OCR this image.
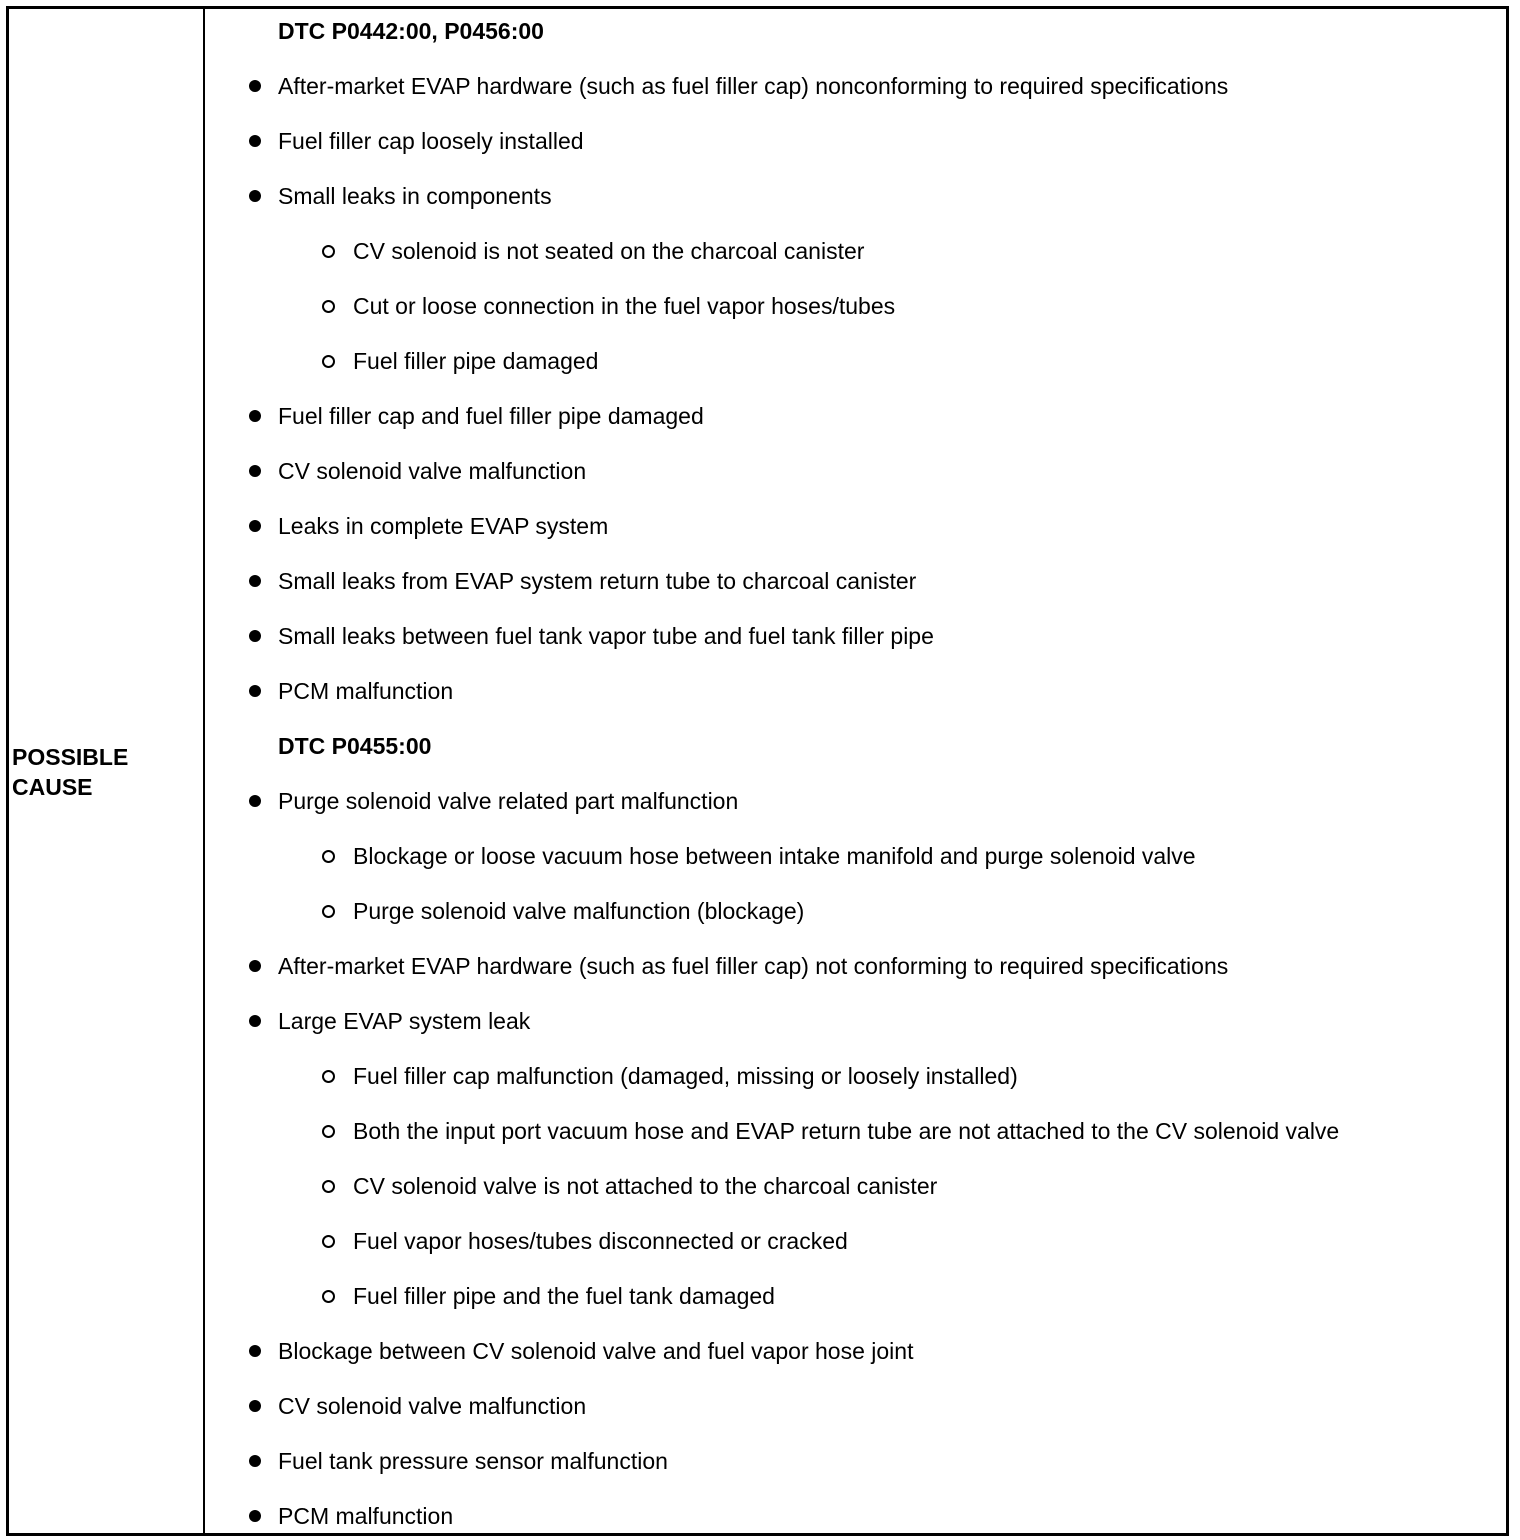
POSSIBLE
CAUSE
DTC P0442:00, P0456:00
After-market EVAP hardware (such as fuel filler cap) nonconforming to required specifications
Fuel filler cap loosely installed
Small leaks in components
CV solenoid is not seated on the charcoal canister
Cut or loose connection in the fuel vapor hoses/tubes
Fuel filler pipe damaged
Fuel filler cap and fuel filler pipe damaged
CV solenoid valve malfunction
Leaks in complete EVAP system
Small leaks from EVAP system return tube to charcoal canister
Small leaks between fuel tank vapor tube and fuel tank filler pipe
PCM malfunction
DTC P0455:00
Purge solenoid valve related part malfunction
Blockage or loose vacuum hose between intake manifold and purge solenoid valve
Purge solenoid valve malfunction (blockage)
After-market EVAP hardware (such as fuel filler cap) not conforming to required specifications
Large EVAP system leak
Fuel filler cap malfunction (damaged, missing or loosely installed)
Both the input port vacuum hose and EVAP return tube are not attached to the CV solenoid valve
CV solenoid valve is not attached to the charcoal canister
Fuel vapor hoses/tubes disconnected or cracked
Fuel filler pipe and the fuel tank damaged
Blockage between CV solenoid valve and fuel vapor hose joint
CV solenoid valve malfunction
Fuel tank pressure sensor malfunction
PCM malfunction
